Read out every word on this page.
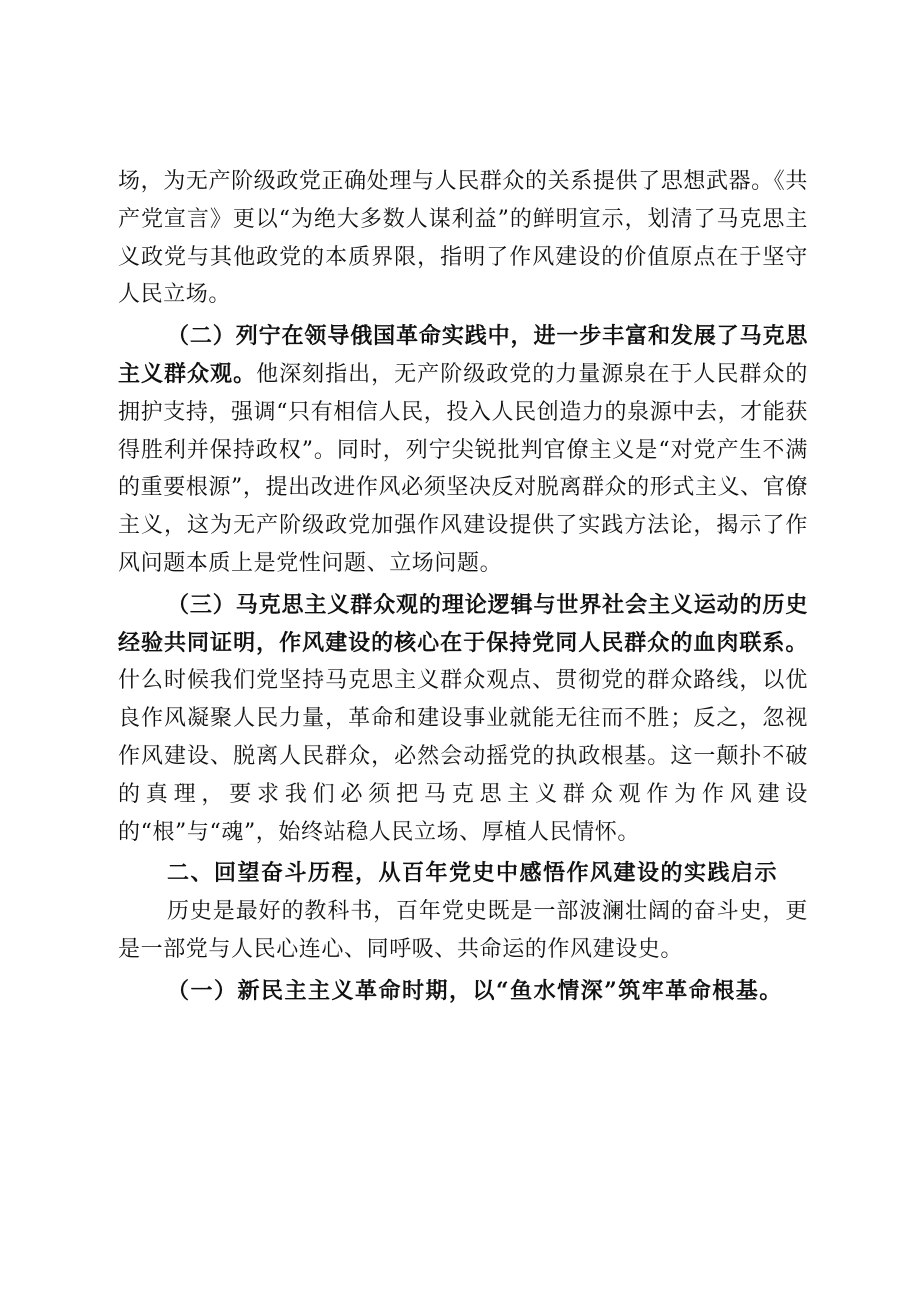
场，为无产阶级政党正确处理与人民群众的关系提供了思想武器。《共产党宣言》更以“为绝大多数人谋利益”的鲜明宣示，划清了马克思主义政党与其他政党的本质界限，指明了作风建设的价值原点在于坚守人民立场。

（二）列宁在领导俄国革命实践中，进一步丰富和发展了马克思主义群众观。他深刻指出，无产阶级政党的力量源泉在于人民群众的拥护支持，强调“只有相信人民，投入人民创造力的泉源中去，才能获得胜利并保持政权”。同时，列宁尖锐批判官僚主义是“对党产生不满的重要根源”，提出改进作风必须坚决反对脱离群众的形式主义、官僚主义，这为无产阶级政党加强作风建设提供了实践方法论，揭示了作风问题本质上是党性问题、立场问题。

（三）马克思主义群众观的理论逻辑与世界社会主义运动的历史经验共同证明，作风建设的核心在于保持党同人民群众的血肉联系。什么时候我们党坚持马克思主义群众观点、贯彻党的群众路线，以优良作风凝聚人民力量，革命和建设事业就能无往而不胜；反之，忽视作风建设、脱离人民群众，必然会动摇党的执政根基。这一颠扑不破的真理，要求我们必须把马克思主义群众观作为作风建设的“根”与“魂”，始终站稳人民立场、厚植人民情怀。

二、回望奋斗历程，从百年党史中感悟作风建设的实践启示

历史是最好的教科书，百年党史既是一部波澜壮阔的奋斗史，更是一部党与人民心连心、同呼吸、共命运的作风建设史。

（一）新民主主义革命时期，以“鱼水情深”筑牢革命根基。
